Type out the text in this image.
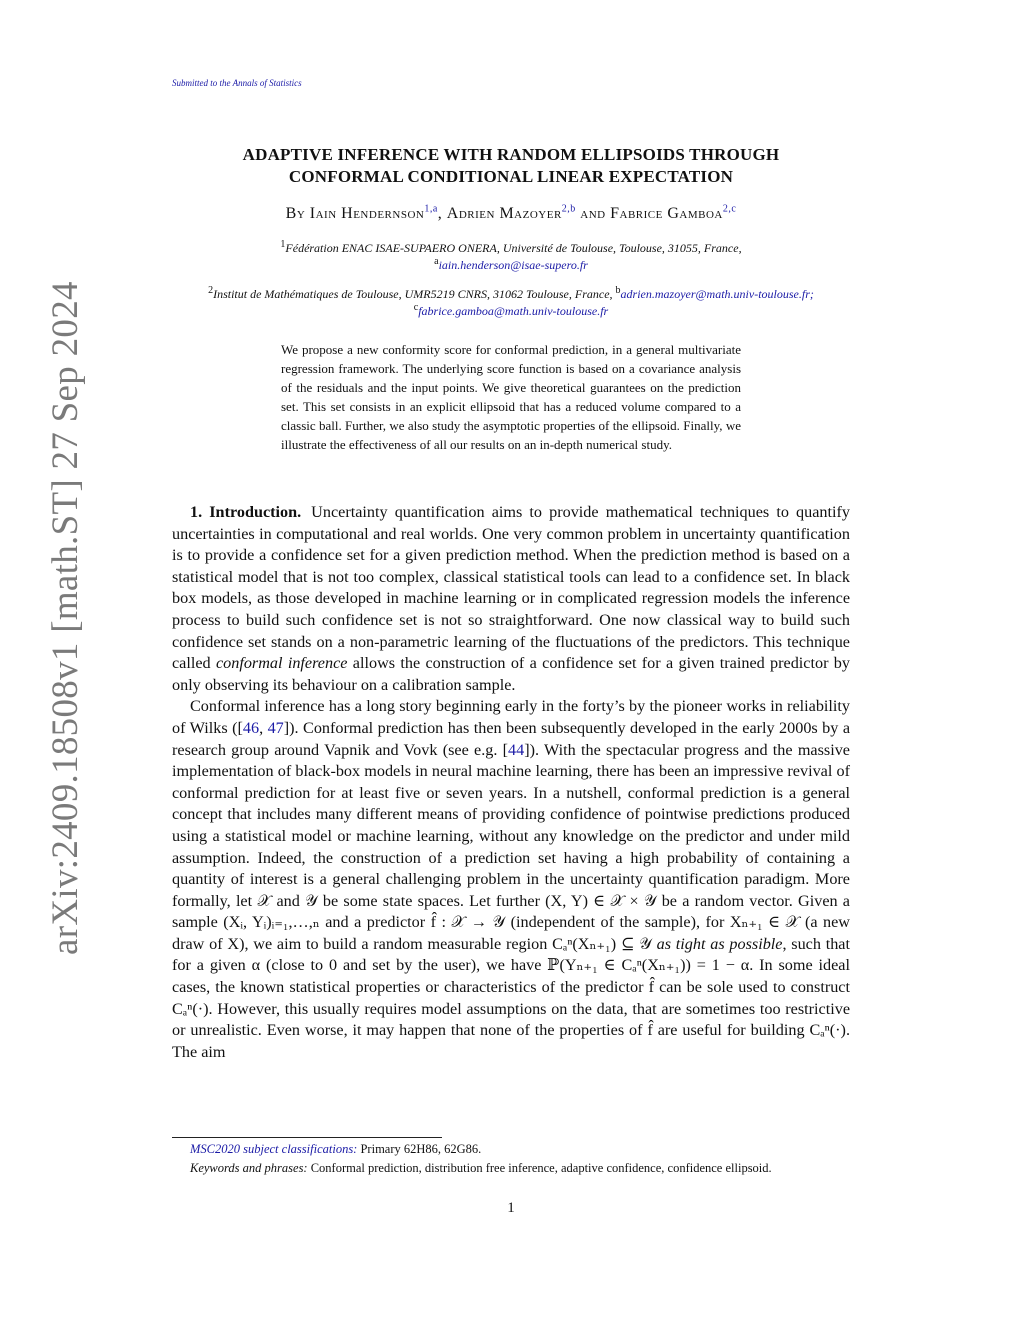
Submitted to the Annals of Statistics
arXiv:2409.18508v1 [math.ST] 27 Sep 2024
ADAPTIVE INFERENCE WITH RANDOM ELLIPSOIDS THROUGH
CONFORMAL CONDITIONAL LINEAR EXPECTATION
By Iain Hendernson$^{1,a}$, Adrien Mazoyer$^{2,b}$ and Fabrice Gamboa$^{2,c}$
$^1$Fédération ENAC ISAE-SUPAERO ONERA, Université de Toulouse, Toulouse, 31055, France,
$^a$iain.henderson@isae-supero.fr
$^2$Institut de Mathématiques de Toulouse, UMR5219 CNRS, 31062 Toulouse, France, $^b$adrien.mazoyer@math.univ-toulouse.fr;
$^c$fabrice.gamboa@math.univ-toulouse.fr
We propose a new conformity score for conformal prediction, in a general multivariate regression framework. The underlying score function is based on a covariance analysis of the residuals and the input points. We give theoretical guarantees on the prediction set. This set consists in an explicit ellipsoid that has a reduced volume compared to a classic ball. Further, we also study the asymptotic properties of the ellipsoid. Finally, we illustrate the effectiveness of all our results on an in-depth numerical study.

1. Introduction. Uncertainty quantification aims to provide mathematical techniques to quantify uncertainties in computational and real worlds. One very common problem in uncertainty quantification is to provide a confidence set for a given prediction method. When the prediction method is based on a statistical model that is not too complex, classical statistical tools can lead to a confidence set. In black box models, as those developed in machine learning or in complicated regression models the inference process to build such confidence set is not so straightforward. One now classical way to build such confidence set stands on a non-parametric learning of the fluctuations of the predictors. This technique called conformal inference allows the construction of a confidence set for a given trained predictor by only observing its behaviour on a calibration sample.

Conformal inference has a long story beginning early in the forty’s by the pioneer works in reliability of Wilks ([46, 47]). Conformal prediction has then been subsequently developed in the early 2000s by a research group around Vapnik and Vovk (see e.g. [44]). With the spectacular progress and the massive implementation of black-box models in neural machine learning, there has been an impressive revival of conformal prediction for at least five or seven years. In a nutshell, conformal prediction is a general concept that includes many different means of providing confidence of pointwise predictions produced using a statistical model or machine learning, without any knowledge on the predictor and under mild assumption. Indeed, the construction of a prediction set having a high probability of containing a quantity of interest is a general challenging problem in the uncertainty quantification paradigm. More formally, let 𝒳 and 𝒴 be some state spaces. Let further (X, Y) ∈ 𝒳 × 𝒴 be a random vector. Given a sample (Xᵢ, Yᵢ)ᵢ₌₁,…,ₙ and a predictor f̂ : 𝒳 → 𝒴 (independent of the sample), for Xₙ₊₁ ∈ 𝒳 (a new draw of X), we aim to build a random measurable region Cₐⁿ(Xₙ₊₁) ⊆ 𝒴 as tight as possible, such that for a given α (close to 0 and set by the user), we have ℙ(Yₙ₊₁ ∈ Cₐⁿ(Xₙ₊₁)) = 1 − α. In some ideal cases, the known statistical properties or characteristics of the predictor f̂ can be sole used to construct Cₐⁿ(·). However, this usually requires model assumptions on the data, that are sometimes too restrictive or unrealistic. Even worse, it may happen that none of the properties of f̂ are useful for building Cₐⁿ(·). The aim

MSC2020 subject classifications: Primary 62H86, 62G86.

Keywords and phrases: Conformal prediction, distribution free inference, adaptive confidence, confidence ellipsoid.

1
